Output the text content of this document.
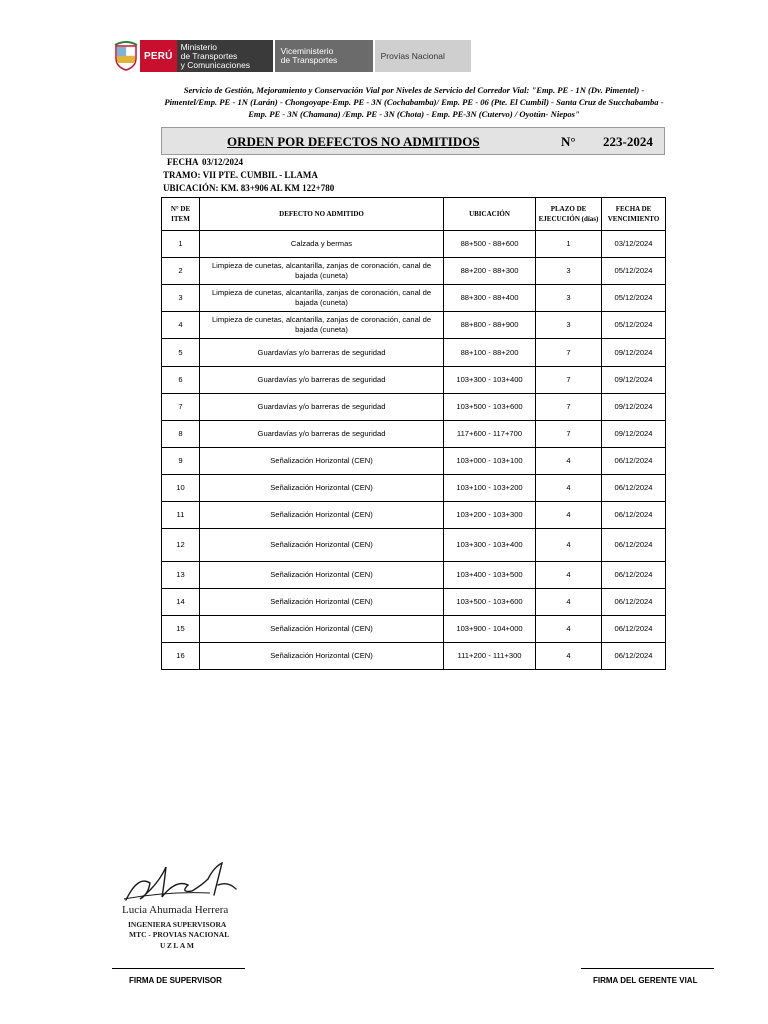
PERÚ
Ministerio
de Transportes
y Comunicaciones
Viceministerio
de Transportes	Provías Nacional
Servicio de Gestión, Mejoramiento y Conservación Vial por Niveles de Servicio del Corredor Vial: "Emp. PE - 1N (Dv. Pimentel) - Pimentel/Emp. PE - 1N (Larán) - Chongoyape-Emp. PE - 3N (Cochabamba)/ Emp. PE - 06 (Pte. El Cumbil) - Santa Cruz de Succhabamba - Emp. PE - 3N (Chamana) /Emp. PE - 3N (Chota) - Emp. PE-3N (Cutervo) / Oyotún- Niepos"
ORDEN POR DEFECTOS NO ADMITIDOS	N° 223-2024
FECHA 03/12/2024
TRAMO: VII PTE. CUMBIL - LLAMA
UBICACIÓN: KM. 83+906 AL KM 122+780
N° DE ITEM	DEFECTO NO ADMITIDO	UBICACIÓN	PLAZO DE EJECUCIÓN (días)	FECHA DE VENCIMIENTO
1	Calzada y bermas	88+500 - 88+600	1	03/12/2024
2	Limpieza de cunetas, alcantarilla, zanjas de coronación, canal de bajada (cuneta)	88+200 - 88+300	3	05/12/2024
3	Limpieza de cunetas, alcantarilla, zanjas de coronación, canal de bajada (cuneta)	88+300 - 88+400	3	05/12/2024
4	Limpieza de cunetas, alcantarilla, zanjas de coronación, canal de bajada (cuneta)	88+800 - 88+900	3	05/12/2024
5	Guardavías y/o barreras de seguridad	88+100 - 88+200	7	09/12/2024
6	Guardavías y/o barreras de seguridad	103+300 - 103+400	7	09/12/2024
7	Guardavías y/o barreras de seguridad	103+500 - 103+600	7	09/12/2024
8	Guardavías y/o barreras de seguridad	117+600 - 117+700	7	09/12/2024
9	Señalización Horizontal (CEN)	103+000 - 103+100	4	06/12/2024
10	Señalización Horizontal (CEN)	103+100 - 103+200	4	06/12/2024
11	Señalización Horizontal (CEN)	103+200 - 103+300	4	06/12/2024
12	Señalización Horizontal (CEN)	103+300 - 103+400	4	06/12/2024
13	Señalización Horizontal (CEN)	103+400 - 103+500	4	06/12/2024
14	Señalización Horizontal (CEN)	103+500 - 103+600	4	06/12/2024
15	Señalización Horizontal (CEN)	103+900 - 104+000	4	06/12/2024
16	Señalización Horizontal (CEN)	111+200 - 111+300	4	06/12/2024
Lucia Ahumada Herrera
INGENIERA SUPERVISORA
MTC - PROVIAS NACIONAL
UZLAM
FIRMA DE SUPERVISOR	FIRMA DEL GERENTE VIAL
